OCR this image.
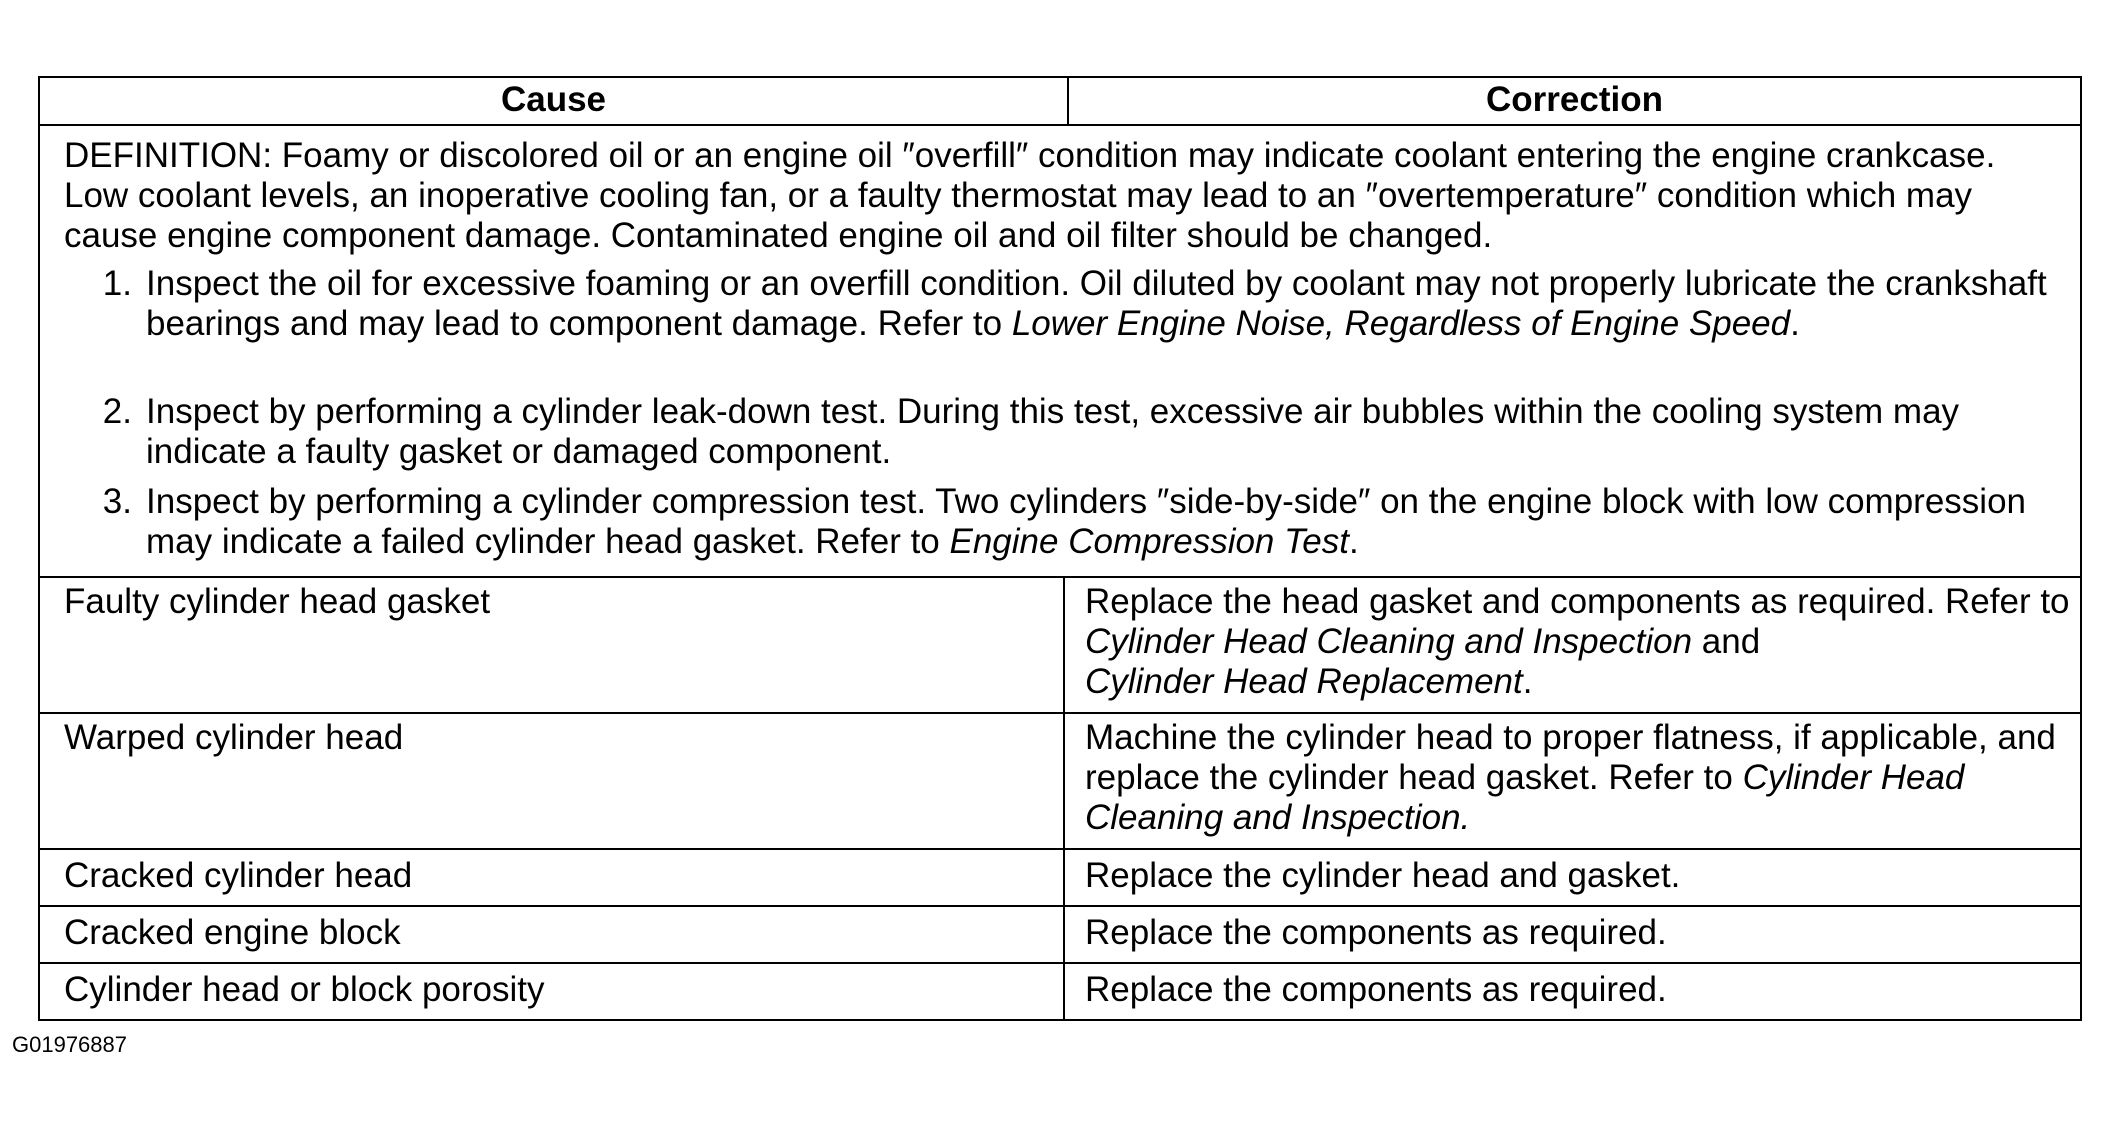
Cause	Correction

DEFINITION: Foamy or discolored oil or an engine oil ″overfill″ condition may indicate coolant entering the engine crankcase. Low coolant levels, an inoperative cooling fan, or a faulty thermostat may lead to an ″overtemperature″ condition which may cause engine component damage. Contaminated engine oil and oil filter should be changed.

1. Inspect the oil for excessive foaming or an overfill condition. Oil diluted by coolant may not properly lubricate the crankshaft bearings and may lead to component damage. Refer to Lower Engine Noise, Regardless of Engine Speed.
2. Inspect by performing a cylinder leak-down test. During this test, excessive air bubbles within the cooling system may indicate a faulty gasket or damaged component.
3. Inspect by performing a cylinder compression test. Two cylinders ″side-by-side″ on the engine block with low compression may indicate a failed cylinder head gasket. Refer to Engine Compression Test.
Faulty cylinder head gasket	Replace the head gasket and components as required. Refer to Cylinder Head Cleaning and Inspection and
Cylinder Head Replacement.
Warped cylinder head	Machine the cylinder head to proper flatness, if applicable, and replace the cylinder head gasket. Refer to Cylinder Head Cleaning and Inspection.
Cracked cylinder head	Replace the cylinder head and gasket.
Cracked engine block	Replace the components as required.
Cylinder head or block porosity	Replace the components as required.
G01976887
